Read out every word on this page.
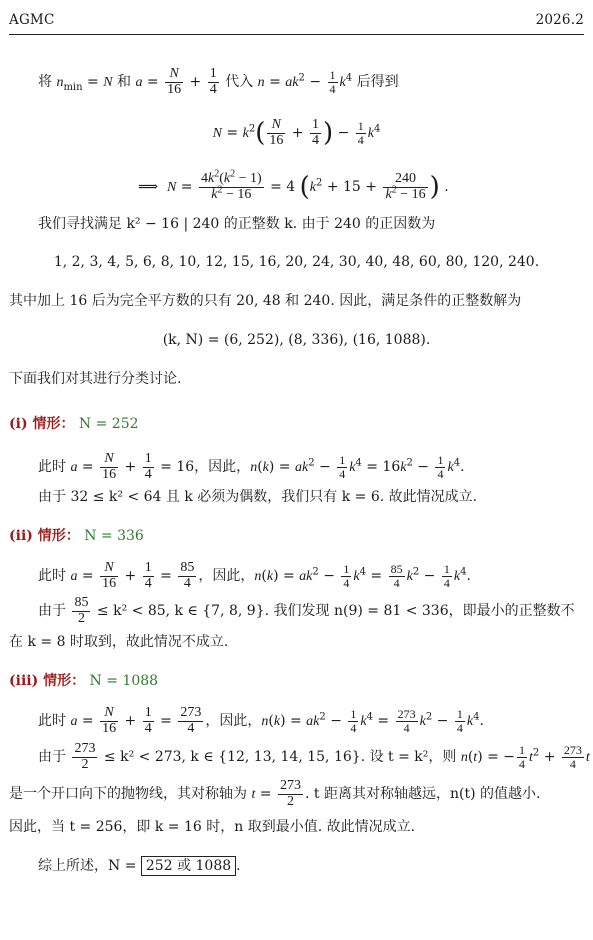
AGMC	2026.2
将 $n_{min} = N$ 和 $a = \frac{N}{16} + \frac{1}{4}$ 代入 $n = ak^2 - \frac{1}{4} k^4$ 后得到
$N = k^2( \frac{N}{16} + \frac{1}{4}$ ) − $\frac{1}{4} k^4$
⟹  $N = \frac{4k^2(k^2 - 1)}{k^2 - 16} = 4$ ($k^2 + 15 + \frac{240}{k^2 - 16}$ ) .
我们寻找满足 k² − 16 | 240 的正整数 k. 由于 240 的正因数为
1, 2, 3, 4, 5, 6, 8, 10, 12, 15, 16, 20, 24, 30, 40, 48, 60, 80, 120, 240.
其中加上 16 后为完全平方数的只有 20, 48 和 240. 因此，满足条件的正整数解为
(k, N) = (6, 252), (8, 336), (16, 1088).
下面我们对其进行分类讨论.
(i) 情形： N = 252
此时 $a = \frac{N}{16} + \frac{1}{4} = 16$，因此，$n(k) = ak^2 - \frac{1}{4} k^4 = 16k^2 - \frac{1}{4} k^4$.
由于 32 ≤ k² < 64 且 k 必须为偶数，我们只有 k = 6. 故此情况成立.
(ii) 情形： N = 336
此时 $a = \frac{N}{16} + \frac{1}{4} = \frac{85}{4}$ ，因此，$n(k) = ak^2 - \frac{1}{4} k^4 = \frac{85}{4} k^2 - \frac{1}{4} k^4$.
由于 $\frac{85}{2} \le k^2 < 85$, k ∈ {7, 8, 9}. 我们发现 n(9) = 81 < 336，即最小的正整数不
在 k = 8 时取到，故此情况不成立.
(iii) 情形： N = 1088
此时 $a = \frac{N}{16} + \frac{1}{4} = \frac{273}{4}$ ，因此，$n(k) = ak^2 - \frac{1}{4} k^4 = \frac{273}{4} k^2 - \frac{1}{4} k^4$.
由于 $\frac{273}{2} \le k^2 < 273$, k ∈ {12, 13, 14, 15, 16}. 设 t = k²，则 n(t) = − $\frac{1}{4} t^2 + \frac{273}{4}$ t
是一个开口向下的抛物线，其对称轴为 $t = \frac{273}{2}$ . t 距离其对称轴越远，n(t) 的值越小.
因此，当 t = 256，即 k = 16 时，n 取到最小值. 故此情况成立.
综上所述，N = 252 或 1088 .
